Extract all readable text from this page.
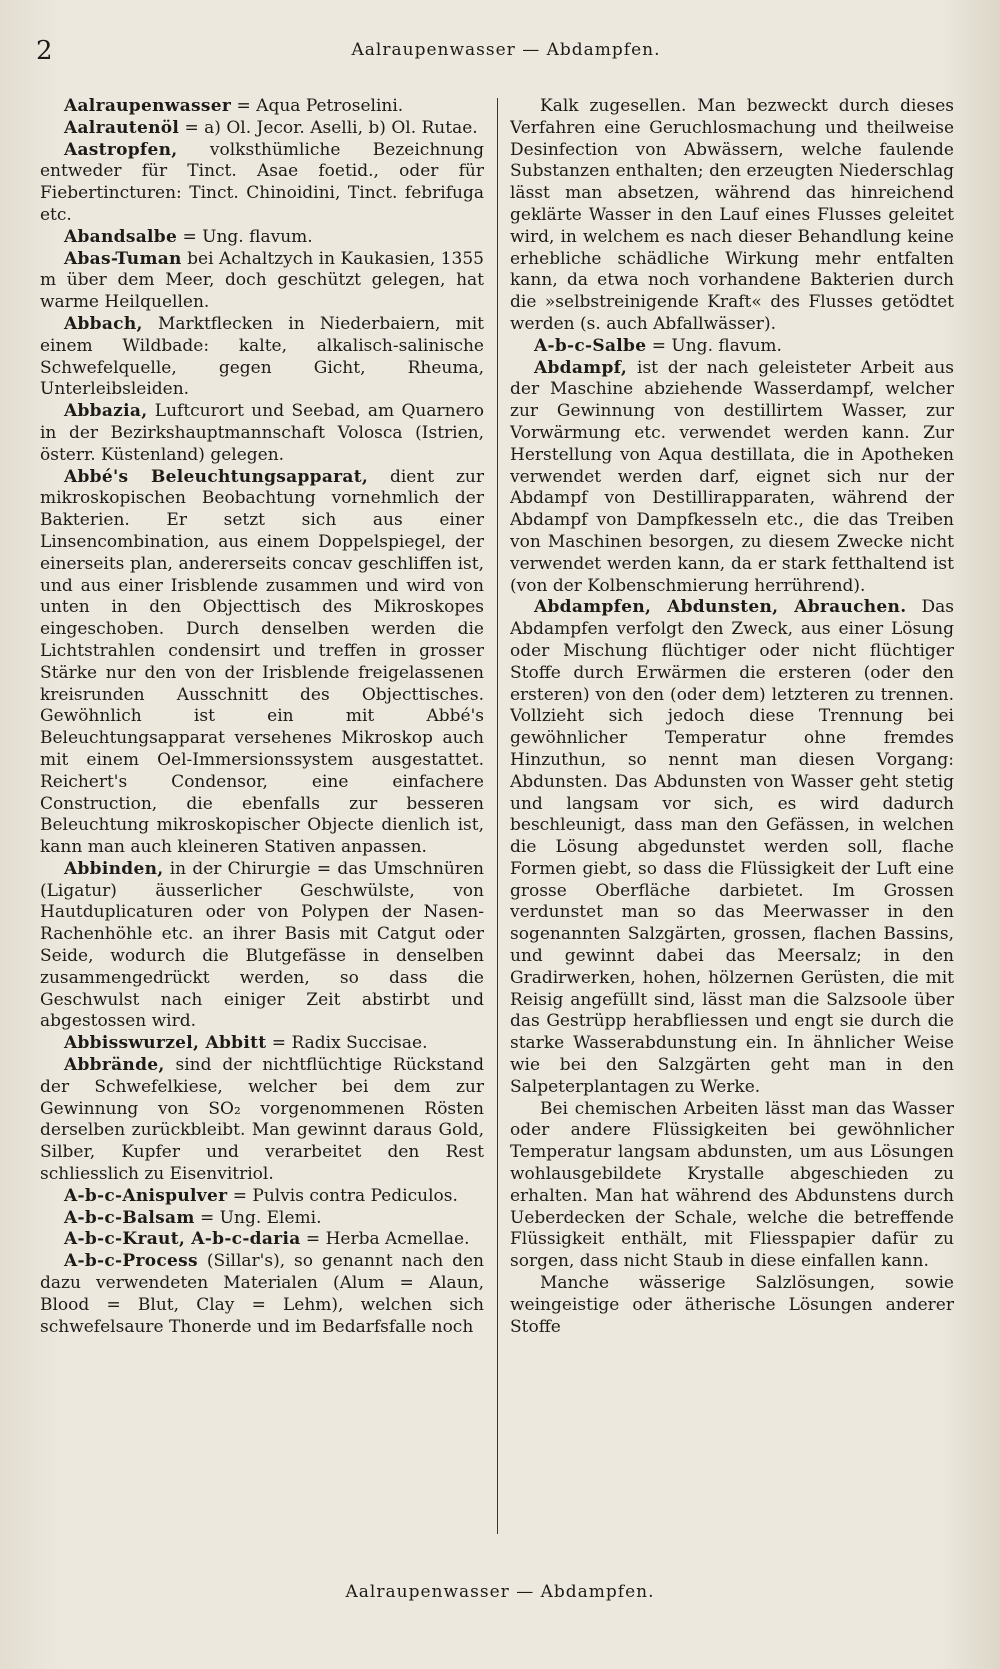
2	Aalraupenwasser — Abdampfen.

Aalraupenwasser = Aqua Petroselini.

Aalrautenöl = a) Ol. Jecor. Aselli, b) Ol. Rutae.

Aastropfen, volksthümliche Bezeichnung entweder für Tinct. Asae foetid., oder für Fiebertincturen: Tinct. Chinoidini, Tinct. febrifuga etc.

Abandsalbe = Ung. flavum.

Abas-Tuman bei Achaltzych in Kaukasien, 1355 m über dem Meer, doch geschützt gelegen, hat warme Heilquellen.

Abbach, Marktflecken in Niederbaiern, mit einem Wildbade: kalte, alkalisch-salinische Schwefelquelle, gegen Gicht, Rheuma, Unterleibsleiden.

Abbazia, Luftcurort und Seebad, am Quarnero in der Bezirkshauptmannschaft Volosca (Istrien, österr. Küstenland) gelegen.

Abbé's Beleuchtungsapparat, dient zur mikroskopischen Beobachtung vornehmlich der Bakterien. Er setzt sich aus einer Linsencombination, aus einem Doppelspiegel, der einerseits plan, andererseits concav geschliffen ist, und aus einer Irisblende zusammen und wird von unten in den Objecttisch des Mikroskopes eingeschoben. Durch denselben werden die Lichtstrahlen condensirt und treffen in grosser Stärke nur den von der Irisblende freigelassenen kreisrunden Ausschnitt des Objecttisches. Gewöhnlich ist ein mit Abbé's Beleuchtungsapparat versehenes Mikroskop auch mit einem Oel-Immersionssystem ausgestattet. Reichert's Condensor, eine einfachere Construction, die ebenfalls zur besseren Beleuchtung mikroskopischer Objecte dienlich ist, kann man auch kleineren Stativen anpassen.

Abbinden, in der Chirurgie = das Umschnüren (Ligatur) äusserlicher Geschwülste, von Hautduplicaturen oder von Polypen der Nasen-Rachenhöhle etc. an ihrer Basis mit Catgut oder Seide, wodurch die Blutgefässe in denselben zusammengedrückt werden, so dass die Geschwulst nach einiger Zeit abstirbt und abgestossen wird.

Abbisswurzel, Abbitt = Radix Succisae.

Abbrände, sind der nichtflüchtige Rückstand der Schwefelkiese, welcher bei dem zur Gewinnung von SO₂ vorgenommenen Rösten derselben zurückbleibt. Man gewinnt daraus Gold, Silber, Kupfer und verarbeitet den Rest schliesslich zu Eisenvitriol.

A-b-c-Anispulver = Pulvis contra Pediculos.

A-b-c-Balsam = Ung. Elemi.

A-b-c-Kraut, A-b-c-daria = Herba Acmellae.

A-b-c-Process (Sillar's), so genannt nach den dazu verwendeten Materialen (Alum = Alaun, Blood = Blut, Clay = Lehm), welchen sich schwefelsaure Thonerde und im Bedarfsfalle noch

Kalk zugesellen. Man bezweckt durch dieses Verfahren eine Geruchlosmachung und theilweise Desinfection von Abwässern, welche faulende Substanzen enthalten; den erzeugten Niederschlag lässt man absetzen, während das hinreichend geklärte Wasser in den Lauf eines Flusses geleitet wird, in welchem es nach dieser Behandlung keine erhebliche schädliche Wirkung mehr entfalten kann, da etwa noch vorhandene Bakterien durch die »selbstreinigende Kraft« des Flusses getödtet werden (s. auch Abfallwässer).

A-b-c-Salbe = Ung. flavum.

Abdampf, ist der nach geleisteter Arbeit aus der Maschine abziehende Wasserdampf, welcher zur Gewinnung von destillirtem Wasser, zur Vorwärmung etc. verwendet werden kann. Zur Herstellung von Aqua destillata, die in Apotheken verwendet werden darf, eignet sich nur der Abdampf von Destillirapparaten, während der Abdampf von Dampfkesseln etc., die das Treiben von Maschinen besorgen, zu diesem Zwecke nicht verwendet werden kann, da er stark fetthaltend ist (von der Kolbenschmierung herrührend).

Abdampfen, Abdunsten, Abrauchen. Das Abdampfen verfolgt den Zweck, aus einer Lösung oder Mischung flüchtiger oder nicht flüchtiger Stoffe durch Erwärmen die ersteren (oder den ersteren) von den (oder dem) letzteren zu trennen. Vollzieht sich jedoch diese Trennung bei gewöhnlicher Temperatur ohne fremdes Hinzuthun, so nennt man diesen Vorgang: Abdunsten. Das Abdunsten von Wasser geht stetig und langsam vor sich, es wird dadurch beschleunigt, dass man den Gefässen, in welchen die Lösung abgedunstet werden soll, flache Formen giebt, so dass die Flüssigkeit der Luft eine grosse Oberfläche darbietet. Im Grossen verdunstet man so das Meerwasser in den sogenannten Salzgärten, grossen, flachen Bassins, und gewinnt dabei das Meersalz; in den Gradirwerken, hohen, hölzernen Gerüsten, die mit Reisig angefüllt sind, lässt man die Salzsoole über das Gestrüpp herabfliessen und engt sie durch die starke Wasserabdunstung ein. In ähnlicher Weise wie bei den Salzgärten geht man in den Salpeterplantagen zu Werke.

Bei chemischen Arbeiten lässt man das Wasser oder andere Flüssigkeiten bei gewöhnlicher Temperatur langsam abdunsten, um aus Lösungen wohlausgebildete Krystalle abgeschieden zu erhalten. Man hat während des Abdunstens durch Ueberdecken der Schale, welche die betreffende Flüssigkeit enthält, mit Fliesspapier dafür zu sorgen, dass nicht Staub in diese einfallen kann.

Manche wässerige Salzlösungen, sowie weingeistige oder ätherische Lösungen anderer Stoffe

Aalraupenwasser — Abdampfen.
